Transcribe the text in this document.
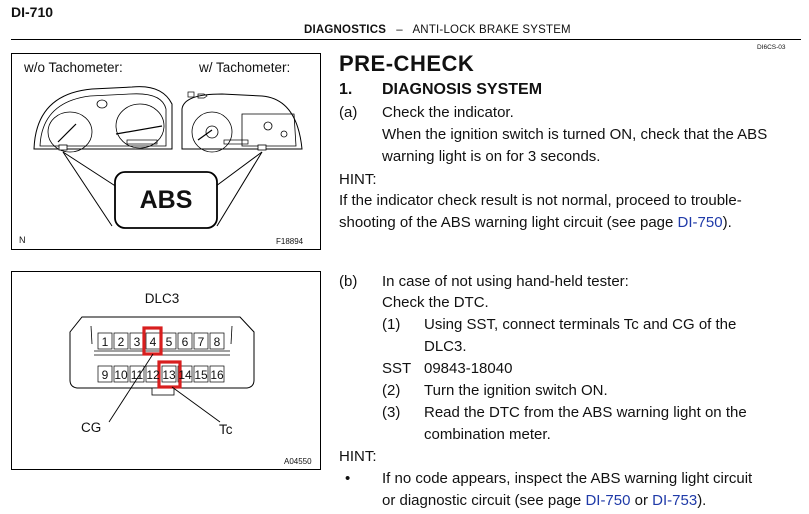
DI-710
DIAGNOSTICS – ANTI-LOCK BRAKE SYSTEM
DI6CS-03
w/o Tachometer:	w/ Tachometer:
ABS
N	F18894
DLC3
1 2 3 4 5 6 7 8
9 10 11 12 13 14 15 16
CG	Tc
A04550
PRE-CHECK
1. DIAGNOSIS SYSTEM
(a) Check the indicator.
When the ignition switch is turned ON, check that the ABS
warning light is on for 3 seconds.
HINT:
If the indicator check result is not normal, proceed to trouble-
shooting of the ABS warning light circuit (see page DI-750).
(b) In case of not using hand-held tester:
Check the DTC.
(1) Using SST, connect terminals Tc and CG of the
DLC3.
SST 09843-18040
(2) Turn the ignition switch ON.
(3) Read the DTC from the ABS warning light on the
combination meter.
HINT:
• If no code appears, inspect the ABS warning light circuit
or diagnostic circuit (see page DI-750 or DI-753).
